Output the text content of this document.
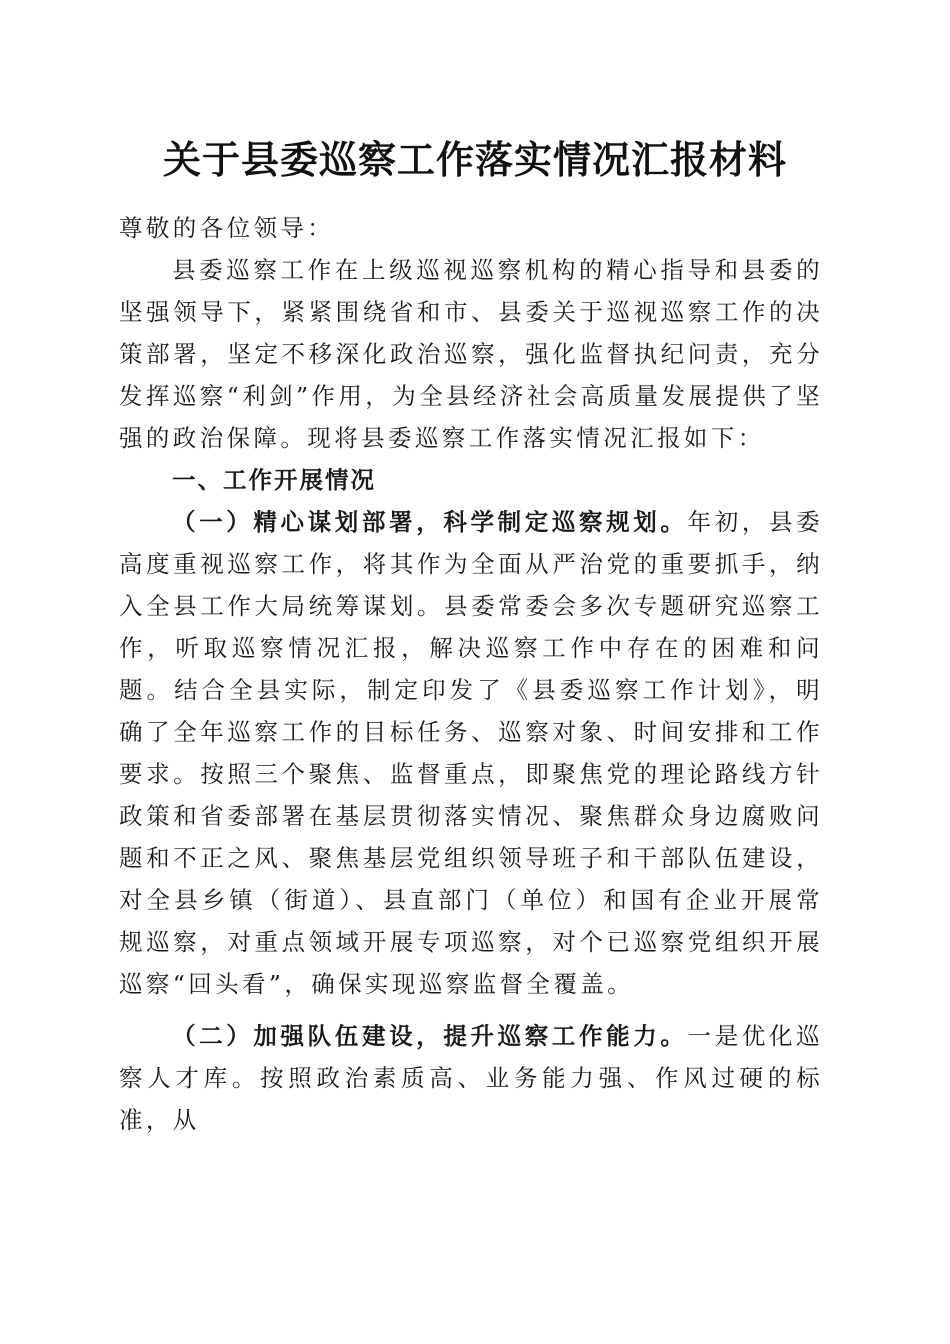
关于县委巡察工作落实情况汇报材料

尊敬的各位领导：

县委巡察工作在上级巡视巡察机构的精心指导和县委的坚强领导下，紧紧围绕省和市、县委关于巡视巡察工作的决策部署，坚定不移深化政治巡察，强化监督执纪问责，充分发挥巡察“利剑”作用，为全县经济社会高质量发展提供了坚强的政治保障。现将县委巡察工作落实情况汇报如下：

一、工作开展情况

（一）精心谋划部署，科学制定巡察规划。年初，县委高度重视巡察工作，将其作为全面从严治党的重要抓手，纳入全县工作大局统筹谋划。县委常委会多次专题研究巡察工作，听取巡察情况汇报，解决巡察工作中存在的困难和问题。结合全县实际，制定印发了《县委巡察工作计划》，明确了全年巡察工作的目标任务、巡察对象、时间安排和工作要求。按照三个聚焦、监督重点，即聚焦党的理论路线方针政策和省委部署在基层贯彻落实情况、聚焦群众身边腐败问题和不正之风、聚焦基层党组织领导班子和干部队伍建设，对全县乡镇（街道）、县直部门（单位）和国有企业开展常规巡察，对重点领域开展专项巡察，对个已巡察党组织开展巡察“回头看”，确保实现巡察监督全覆盖。

（二）加强队伍建设，提升巡察工作能力。一是优化巡察人才库。按照政治素质高、业务能力强、作风过硬的标准，从
